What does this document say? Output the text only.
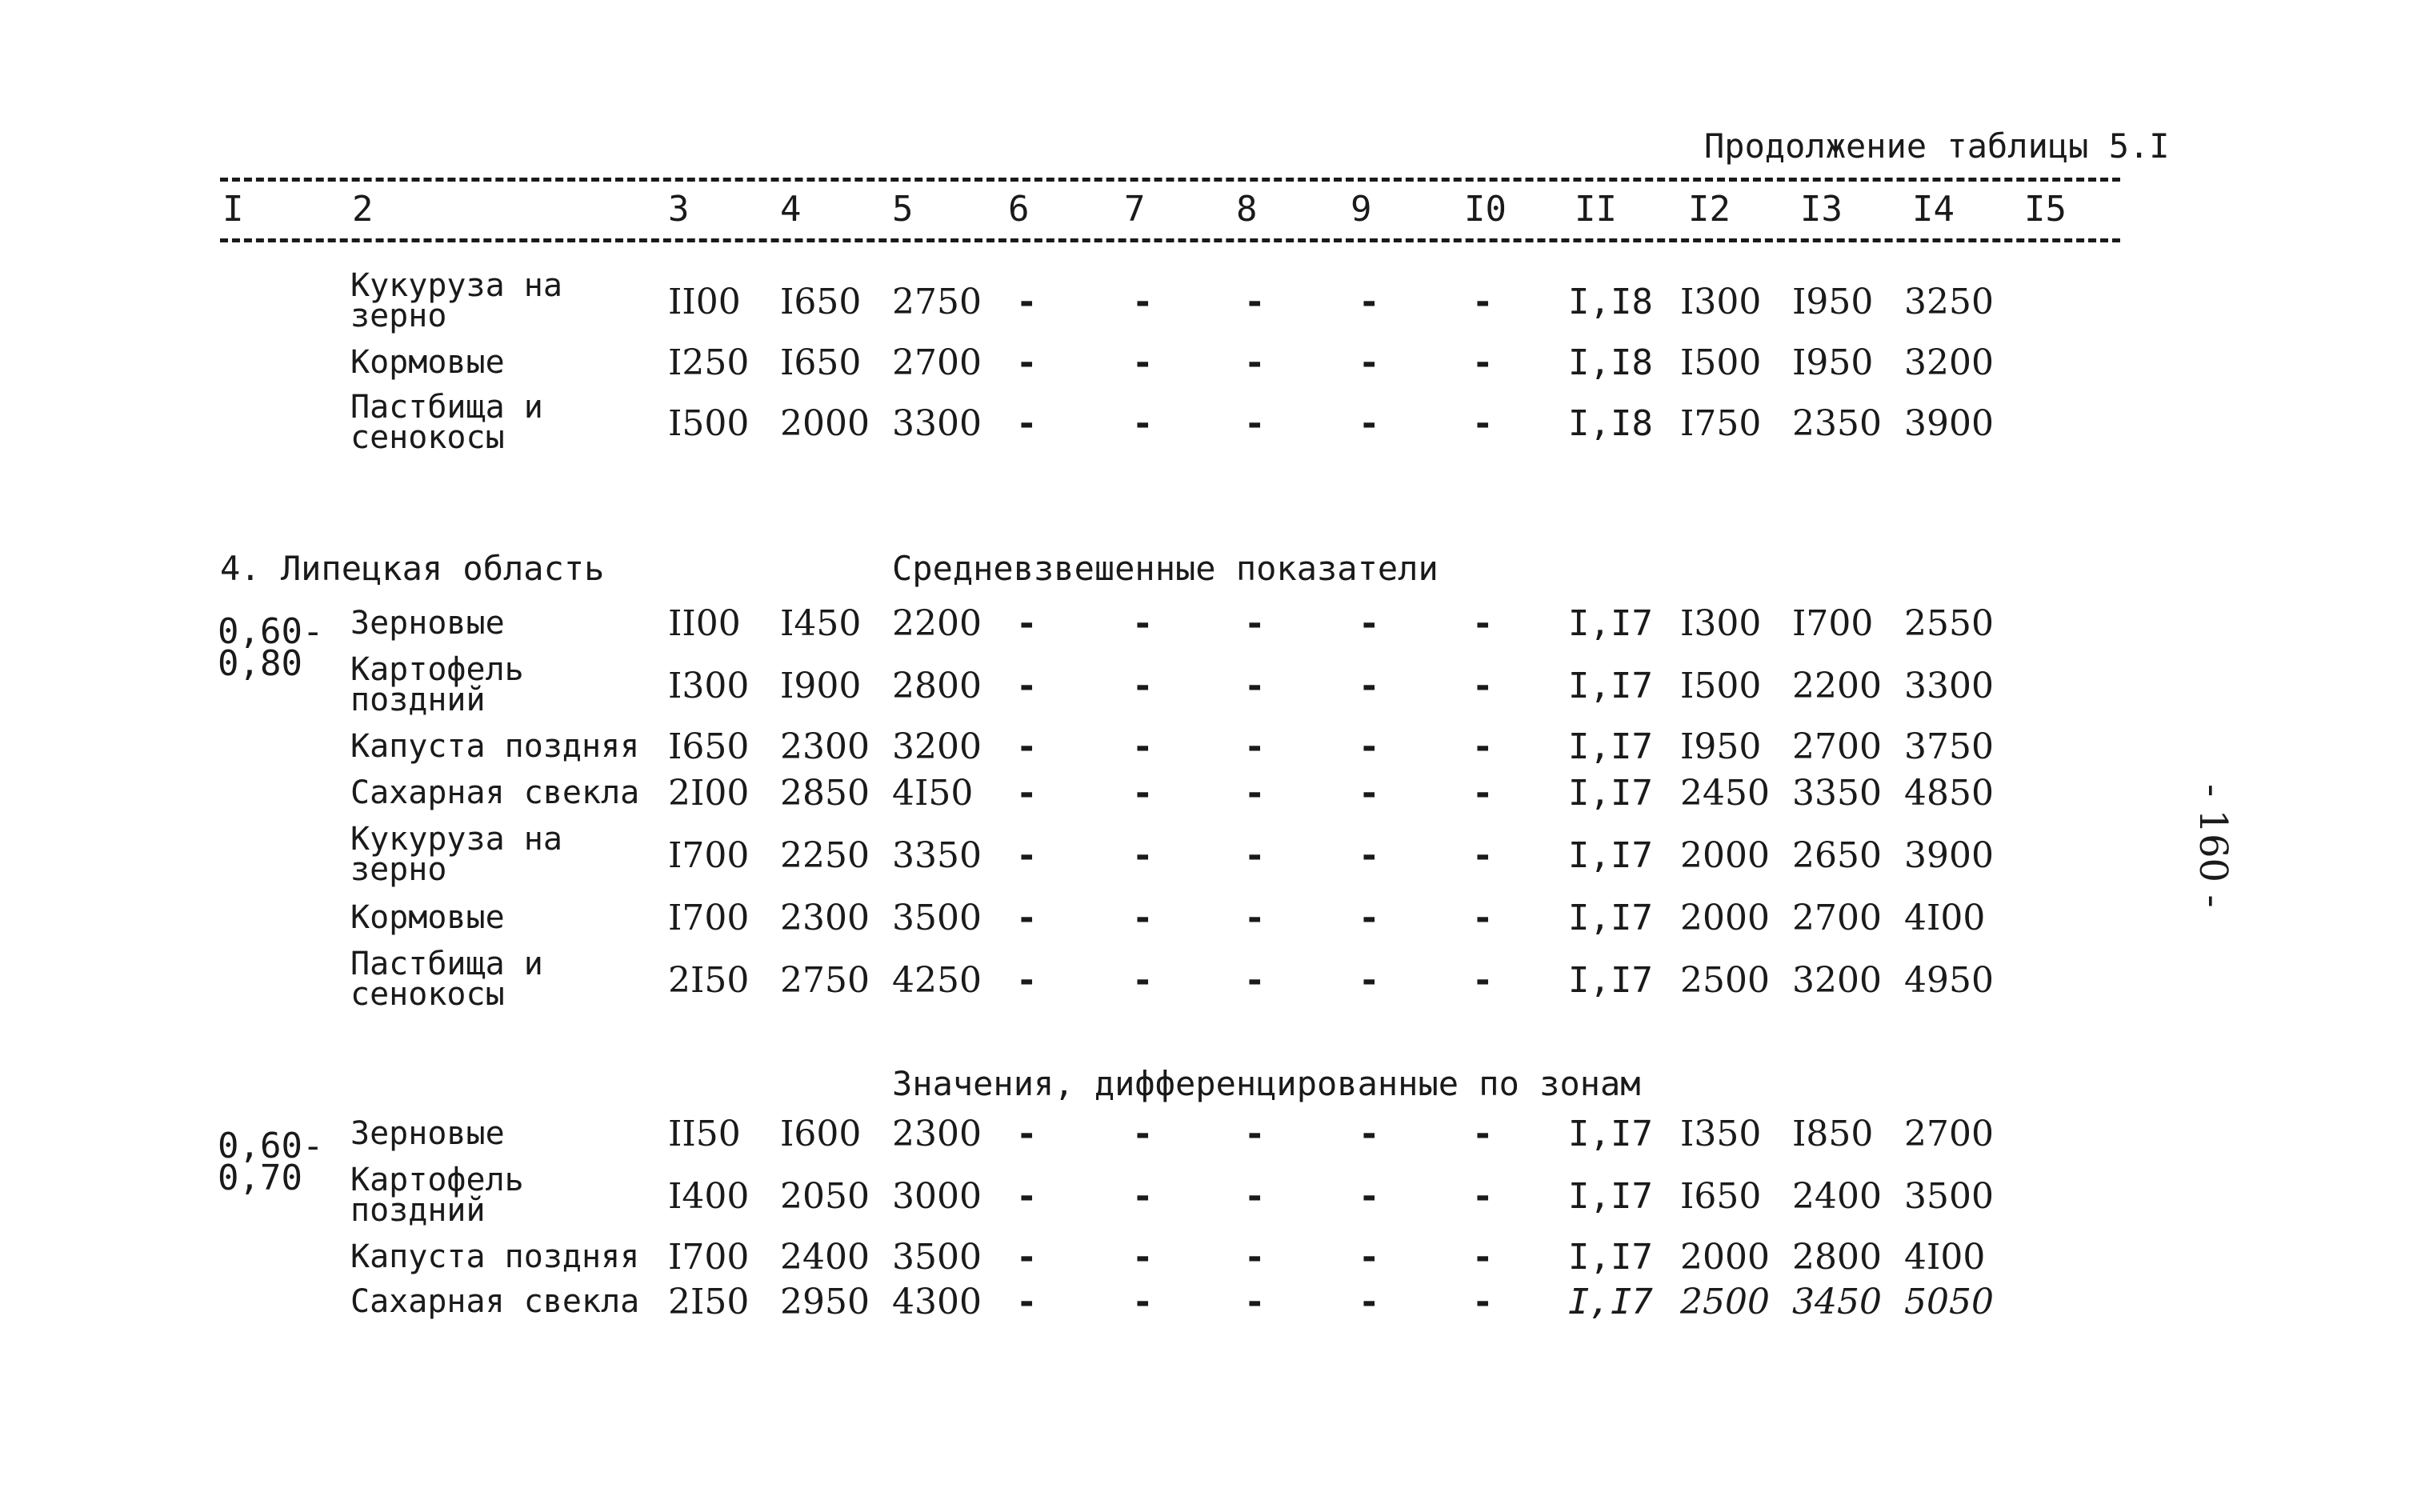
Продолжение таблицы 5.I
I	2	3	4	5	6	7	8	9	I0 II I2 I3 I4 I5
Кукуруза на зерно	II00 I650 2750 -	-	-	-	- I,I8 I300 I950 3250
Кормовые	I250 I650 2700 -	-	-	-	- I,I8 I500 I950 3200
Пастбища и сенокосы	I500 2000 3300 -	-	-	-	- I,I8 I750 2350 3900
4. Липецкая область	Средневзвешенные показатели
0,60-
0,80
Зерновые	II00 I450 2200 -	-	-	-	- I,I7 I300 I700 2550
Картофель поздний	I300 I900 2800 -	-	-	-	- I,I7 I500 2200 3300
Капуста поздняя I650 2300 3200 -	-	-	-	- I,I7 I950 2700 3750
Сахарная свекла 2I00 2850 4I50 -	-	-	-	- I,I7 2450 3350 4850
Кукуруза на зерно	I700 2250 3350 -	-	-	-	- I,I7 2000 2650 3900
Кормовые	I700 2300 3500 -	-	-	-	- I,I7 2000 2700 4I00
Пастбища и сенокосы	2I50 2750 4250 -	-	-	-	- I,I7 2500 3200 4950
Значения, дифференцированные по зонам
0,60-
0,70
Зерновые	II50 I600 2300 -	-	-	-	- I,I7 I350 I850 2700
Картофель поздний	I400 2050 3000 -	-	-	-	- I,I7 I650 2400 3500
Капуста поздняя I700 2400 3500 -	-	-	-	- I,I7 2000 2800 4I00
Сахарная свекла 2I50 2950 4300 -	-	-	-	- I,I7 2500 3450 5050
- 160 -
